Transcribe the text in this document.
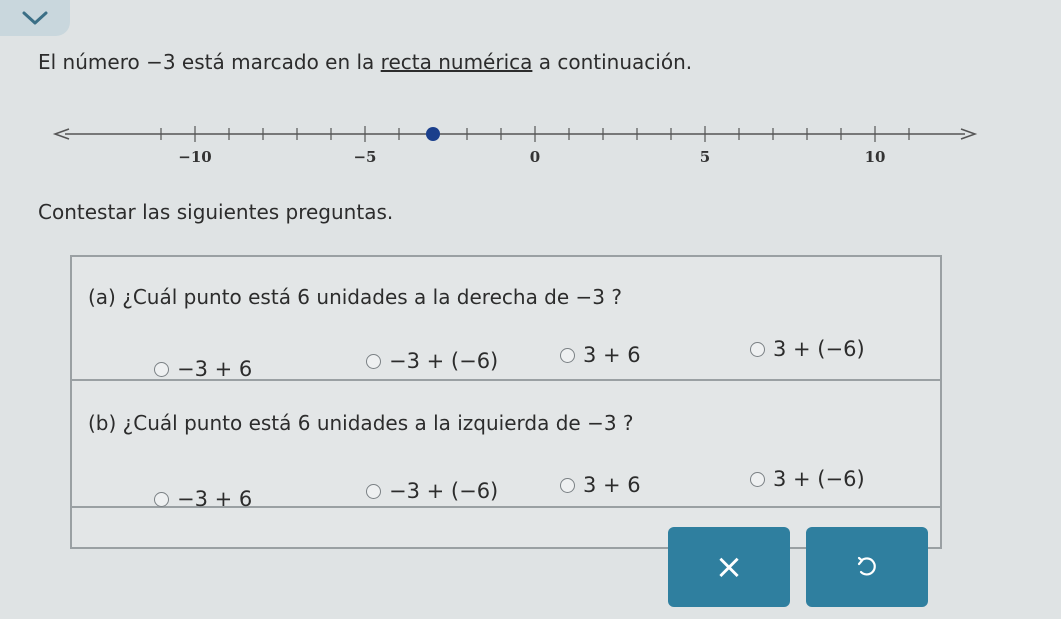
El número −3 está marcado en la recta numérica a continuación.
−10	−5	0	5	10
Contestar las siguientes preguntas.
(a) ¿Cuál punto está 6 unidades a la derecha de −3 ?
−3 + 6	−3 + (−6)	3 + 6	3 + (−6)
(b) ¿Cuál punto está 6 unidades a la izquierda de −3 ?
−3 + 6	−3 + (−6)	3 + 6	3 + (−6)
×
